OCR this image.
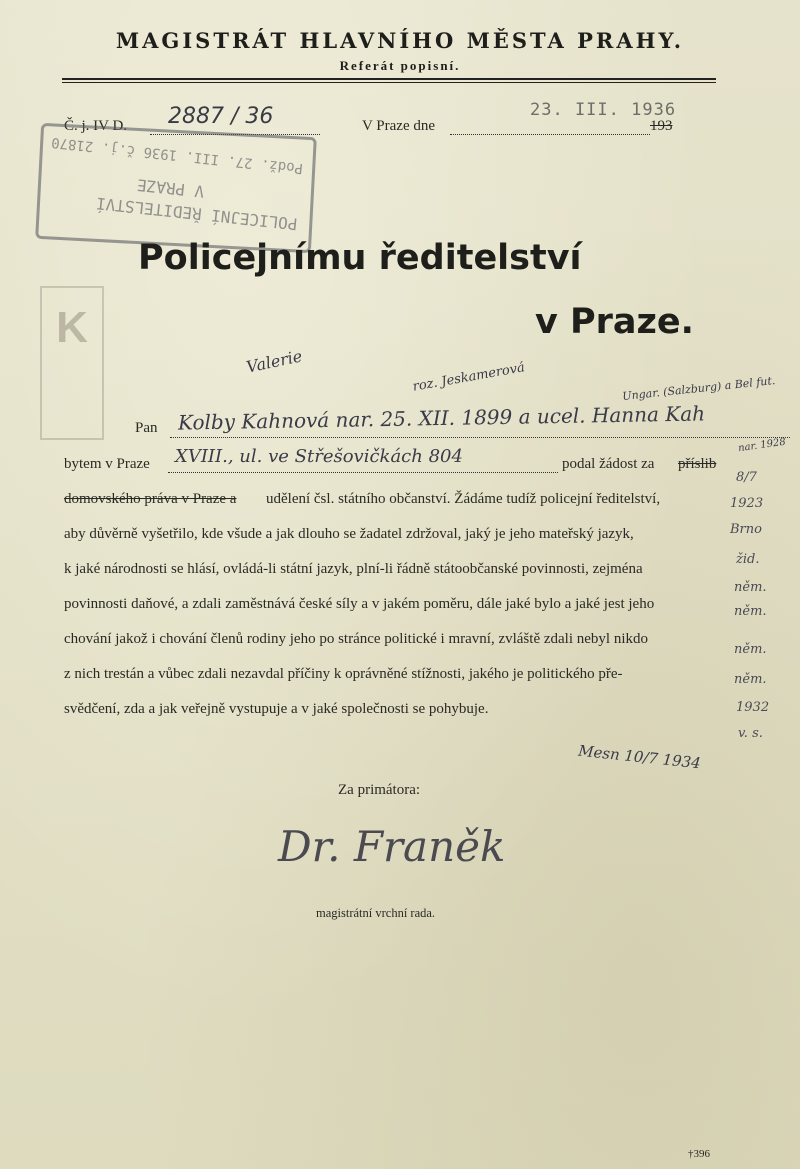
MAGISTRÁT HLAVNÍHO MĚSTA PRAHY.
Referát popisní.
Č. j. IV D. 2887 / 36	V Praze dne
23. III. 1936
193
POLICEJNÍ ŘEDITELSTVÍ
V PRAZE
Podž. 27. III. 1936 č.j. 21870
K
Policejnímu ředitelství
v Praze.
Valerie	roz. Jeskamerová	Ungar. (Salzburg) a Bel fut.
Pan Kolby Kahnová nar. 25. XII. 1899 a ucel. Hanna Kah
bytem v Praze XVIII., ul. ve Střešovičkách 804	podal žádost za příslib
nar. 1928
domovského práva v Praze a udělení čsl. státního občanství. Žádáme tudíž policejní ředitelství,
aby důvěrně vyšetřilo, kde všude a jak dlouho se žadatel zdržoval, jaký je jeho mateřský jazyk,
k jaké národnosti se hlásí, ovládá-li státní jazyk, plní-li řádně státoobčanské povinnosti, zejména
povinnosti daňové, a zdali zaměstnává české síly a v jakém poměru, dále jaké bylo a jaké jest jeho
chování jakož i chování členů rodiny jeho po stránce politické i mravní, zvláště zdali nebyl nikdo
z nich trestán a vůbec zdali nezavdal příčiny k oprávněné stížnosti, jakého je politického pře-
svědčení, zda a jak veřejně vystupuje a v jaké společnosti se pohybuje.
8/7
1923
Brno
žid.
něm.
něm.
něm.
něm.
1932
v. s.
Mesn 10/7 1934
Za primátora:
Dr. Franěk
magistrátní vrchní rada.
†396
